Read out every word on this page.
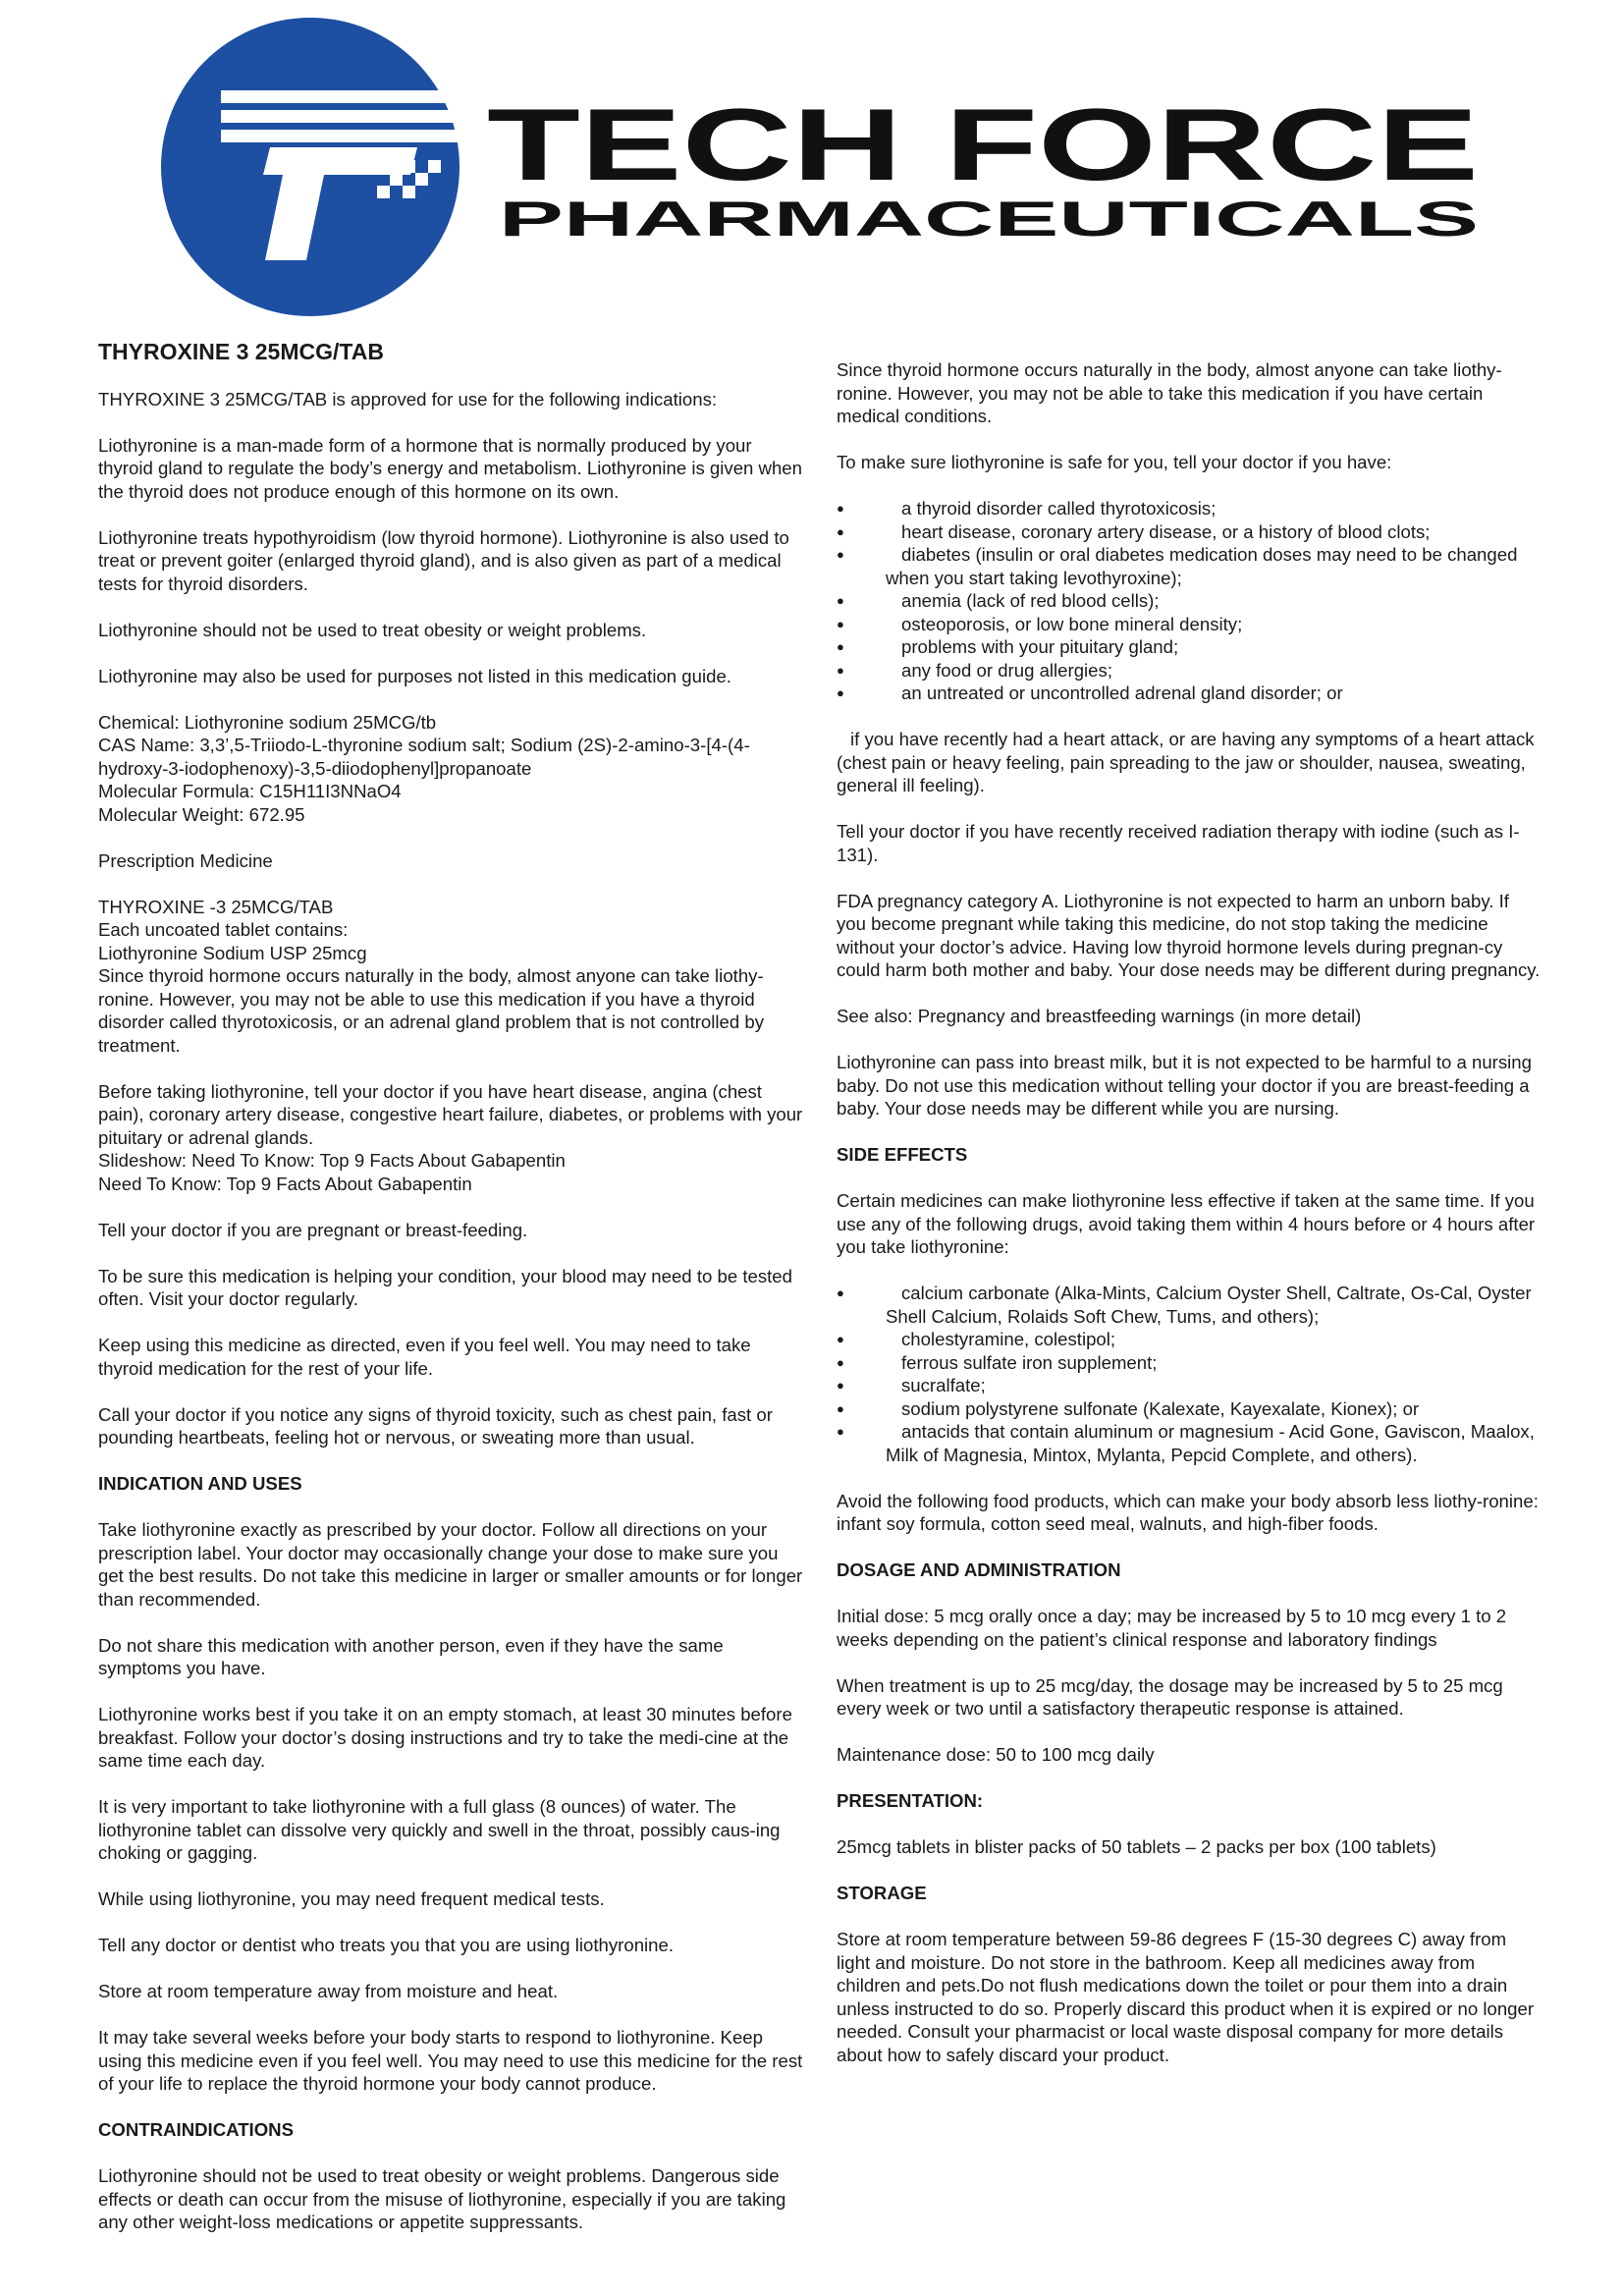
TECH FORCE
PHARMACEUTICALS

THYROXINE 3 25MCG/TAB

THYROXINE 3 25MCG/TAB is approved for use for the following indications:

Liothyronine is a man-made form of a hormone that is normally produced by your thyroid gland to regulate the body’s energy and metabolism. Liothyronine is given when the thyroid does not produce enough of this hormone on its own.

Liothyronine treats hypothyroidism (low thyroid hormone). Liothyronine is also used to treat or prevent goiter (enlarged thyroid gland), and is also given as part of a medical tests for thyroid disorders.

Liothyronine should not be used to treat obesity or weight problems.

Liothyronine may also be used for purposes not listed in this medication guide.

Chemical: Liothyronine sodium 25MCG/tb

CAS Name: 3,3’,5-Triiodo-L-thyronine sodium salt; Sodium (2S)-2-amino-3-[4-(4-hydroxy-3-iodophenoxy)-3,5-diiodophenyl]propanoate

Molecular Formula: C15H11I3NNaO4

Molecular Weight: 672.95

Prescription Medicine

THYROXINE -3 25MCG/TAB

Each uncoated tablet contains:

Liothyronine Sodium USP 25mcg

Since thyroid hormone occurs naturally in the body, almost anyone can take liothy-ronine. However, you may not be able to use this medication if you have a thyroid disorder called thyrotoxicosis, or an adrenal gland problem that is not controlled by treatment.

Before taking liothyronine, tell your doctor if you have heart disease, angina (chest pain), coronary artery disease, congestive heart failure, diabetes, or problems with your pituitary or adrenal glands.

Slideshow: Need To Know: Top 9 Facts About Gabapentin

Need To Know: Top 9 Facts About Gabapentin

Tell your doctor if you are pregnant or breast-feeding.

To be sure this medication is helping your condition, your blood may need to be tested often. Visit your doctor regularly.

Keep using this medicine as directed, even if you feel well. You may need to take thyroid medication for the rest of your life.

Call your doctor if you notice any signs of thyroid toxicity, such as chest pain, fast or pounding heartbeats, feeling hot or nervous, or sweating more than usual.

INDICATION AND USES

Take liothyronine exactly as prescribed by your doctor. Follow all directions on your prescription label. Your doctor may occasionally change your dose to make sure you get the best results. Do not take this medicine in larger or smaller amounts or for longer than recommended.

Do not share this medication with another person, even if they have the same symptoms you have.

Liothyronine works best if you take it on an empty stomach, at least 30 minutes before breakfast. Follow your doctor’s dosing instructions and try to take the medi-cine at the same time each day.

It is very important to take liothyronine with a full glass (8 ounces) of water. The liothyronine tablet can dissolve very quickly and swell in the throat, possibly caus-ing choking or gagging.

While using liothyronine, you may need frequent medical tests.

Tell any doctor or dentist who treats you that you are using liothyronine.

Store at room temperature away from moisture and heat.

It may take several weeks before your body starts to respond to liothyronine. Keep using this medicine even if you feel well. You may need to use this medicine for the rest of your life to replace the thyroid hormone your body cannot produce.

CONTRAINDICATIONS

Liothyronine should not be used to treat obesity or weight problems. Dangerous side effects or death can occur from the misuse of liothyronine, especially if you are taking any other weight-loss medications or appetite suppressants.

Since thyroid hormone occurs naturally in the body, almost anyone can take liothy-ronine. However, you may not be able to take this medication if you have certain medical conditions.

To make sure liothyronine is safe for you, tell your doctor if you have:

● a thyroid disorder called thyrotoxicosis;
● heart disease, coronary artery disease, or a history of blood clots;
● diabetes (insulin or oral diabetes medication doses may need to be changed when you start taking levothyroxine);
● anemia (lack of red blood cells);
● osteoporosis, or low bone mineral density;
● problems with your pituitary gland;
● any food or drug allergies;
● an untreated or uncontrolled adrenal gland disorder; or

if you have recently had a heart attack, or are having any symptoms of a heart attack (chest pain or heavy feeling, pain spreading to the jaw or shoulder, nausea, sweating, general ill feeling).

Tell your doctor if you have recently received radiation therapy with iodine (such as I-131).

FDA pregnancy category A. Liothyronine is not expected to harm an unborn baby. If you become pregnant while taking this medicine, do not stop taking the medicine without your doctor’s advice. Having low thyroid hormone levels during pregnan-cy could harm both mother and baby. Your dose needs may be different during pregnancy.

See also: Pregnancy and breastfeeding warnings (in more detail)

Liothyronine can pass into breast milk, but it is not expected to be harmful to a nursing baby. Do not use this medication without telling your doctor if you are breast-feeding a baby. Your dose needs may be different while you are nursing.

SIDE EFFECTS

Certain medicines can make liothyronine less effective if taken at the same time. If you use any of the following drugs, avoid taking them within 4 hours before or 4 hours after you take liothyronine:

● calcium carbonate (Alka-Mints, Calcium Oyster Shell, Caltrate, Os-Cal, Oyster Shell Calcium, Rolaids Soft Chew, Tums, and others);
● cholestyramine, colestipol;
● ferrous sulfate iron supplement;
● sucralfate;
● sodium polystyrene sulfonate (Kalexate, Kayexalate, Kionex); or
● antacids that contain aluminum or magnesium - Acid Gone, Gaviscon, Maalox, Milk of Magnesia, Mintox, Mylanta, Pepcid Complete, and others).

Avoid the following food products, which can make your body absorb less liothy-ronine: infant soy formula, cotton seed meal, walnuts, and high-fiber foods.

DOSAGE AND ADMINISTRATION

Initial dose: 5 mcg orally once a day; may be increased by 5 to 10 mcg every 1 to 2 weeks depending on the patient’s clinical response and laboratory findings

When treatment is up to 25 mcg/day, the dosage may be increased by 5 to 25 mcg every week or two until a satisfactory therapeutic response is attained.

Maintenance dose: 50 to 100 mcg daily

PRESENTATION:

25mcg tablets in blister packs of 50 tablets – 2 packs per box (100 tablets)

STORAGE

Store at room temperature between 59-86 degrees F (15-30 degrees C) away from light and moisture. Do not store in the bathroom. Keep all medicines away from children and pets.Do not flush medications down the toilet or pour them into a drain unless instructed to do so. Properly discard this product when it is expired or no longer needed. Consult your pharmacist or local waste disposal company for more details about how to safely discard your product.
